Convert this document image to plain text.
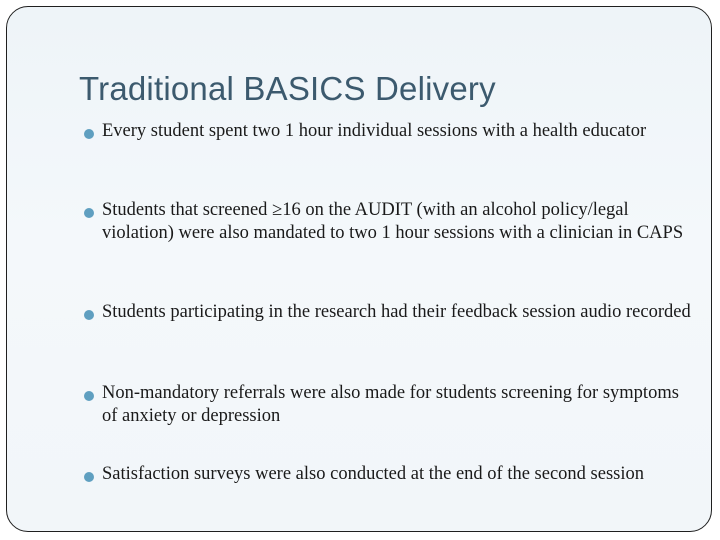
Traditional BASICS Delivery
Every student spent two 1 hour individual sessions with a health educator
Students that screened ≥16 on the AUDIT (with an alcohol policy/legal violation) were also mandated to two 1 hour sessions with a clinician in CAPS
Students participating in the research had their feedback session audio recorded
Non-mandatory referrals were also made for students screening for symptoms of anxiety or depression
Satisfaction surveys were also conducted at the end of the second session
